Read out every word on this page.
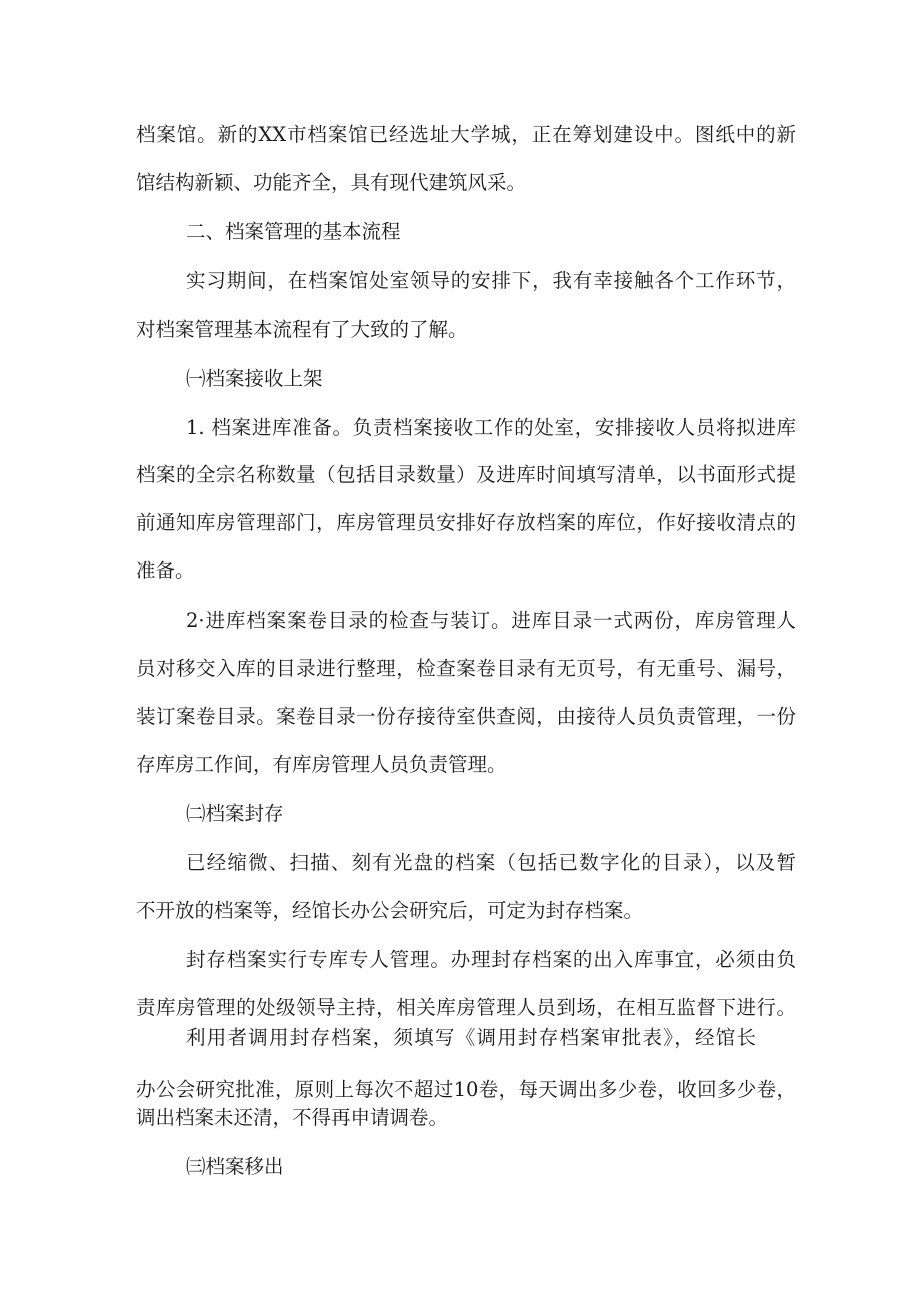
档案馆。新的XX市档案馆已经选址大学城，正在筹划建设中。图纸中的新
馆结构新颖、功能齐全，具有现代建筑风采。
二、档案管理的基本流程
实习期间，在档案馆处室领导的安排下，我有幸接触各个工作环节，
对档案管理基本流程有了大致的了解。
㈠档案接收上架
1. 档案进库准备。负责档案接收工作的处室，安排接收人员将拟进库
档案的全宗名称数量（包括目录数量）及进库时间填写清单，以书面形式提
前通知库房管理部门，库房管理员安排好存放档案的库位，作好接收清点的
准备。
2·进库档案案卷目录的检查与装订。进库目录一式两份，库房管理人
员对移交入库的目录进行整理，检查案卷目录有无页号，有无重号、漏号，
装订案卷目录。案卷目录一份存接待室供查阅，由接待人员负责管理，一份
存库房工作间，有库房管理人员负责管理。
㈡档案封存
已经缩微、扫描、刻有光盘的档案（包括已数字化的目录），以及暂
不开放的档案等，经馆长办公会研究后，可定为封存档案。
封存档案实行专库专人管理。办理封存档案的出入库事宜，必须由负
责库房管理的处级领导主持，相关库房管理人员到场，在相互监督下进行。
利用者调用封存档案，须填写《调用封存档案审批表》，经馆长
办公会研究批准，原则上每次不超过10卷，每天调出多少卷，收回多少卷，
调出档案未还清，不得再申请调卷。
㈢档案移出
